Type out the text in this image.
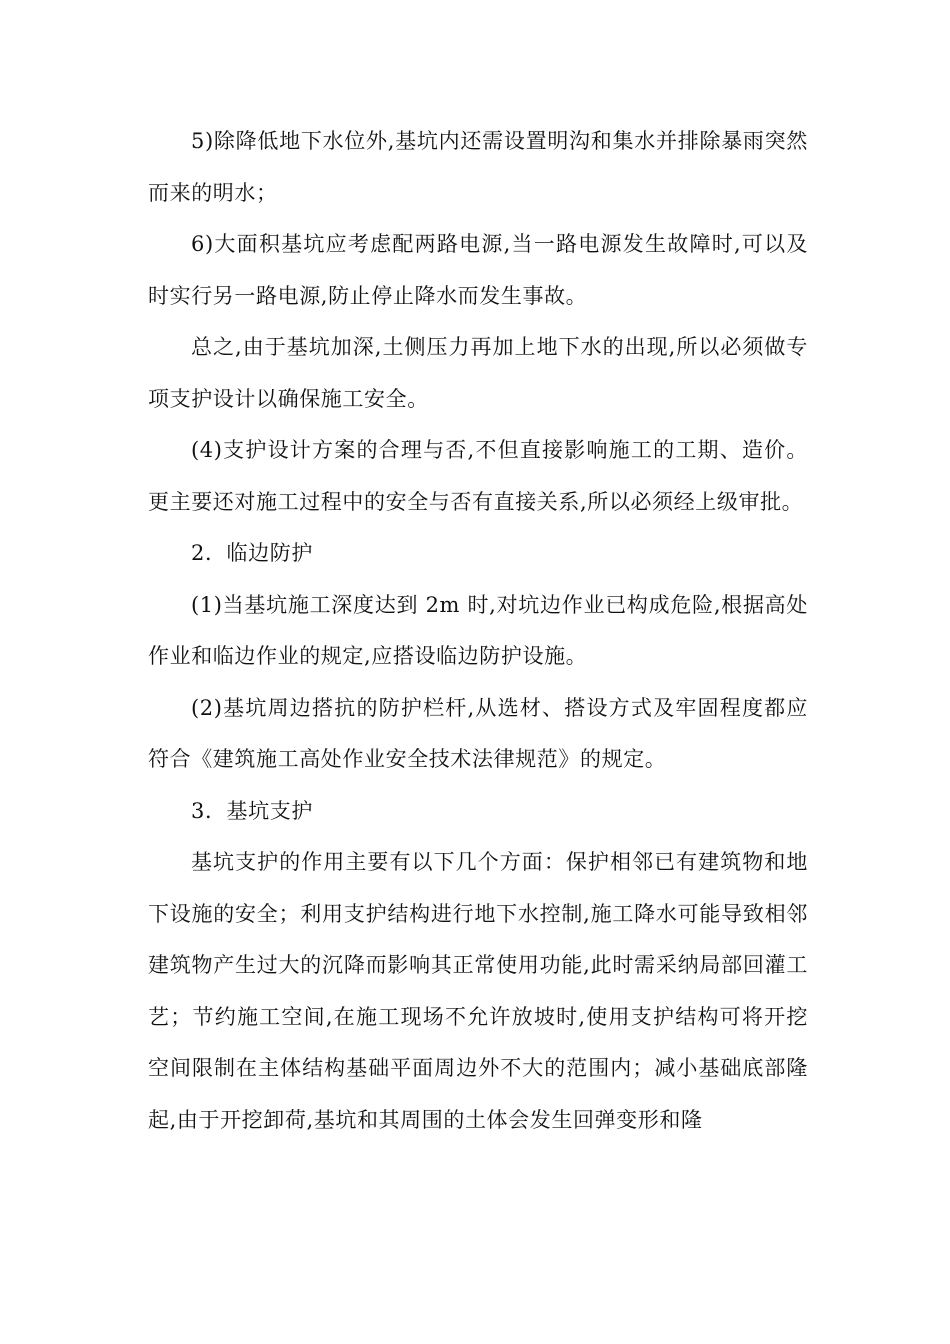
5)除降低地下水位外,基坑内还需设置明沟和集水并排除暴雨突然而来的明水；

6)大面积基坑应考虑配两路电源,当一路电源发生故障时,可以及时实行另一路电源,防止停止降水而发生事故。

总之,由于基坑加深,土侧压力再加上地下水的出现,所以必须做专项支护设计以确保施工安全。

(4)支护设计方案的合理与否,不但直接影响施工的工期、造价。更主要还对施工过程中的安全与否有直接关系,所以必须经上级审批。

2．临边防护

(1)当基坑施工深度达到 2m 时,对坑边作业已构成危险,根据高处作业和临边作业的规定,应搭设临边防护设施。

(2)基坑周边搭抗的防护栏杆,从选材、搭设方式及牢固程度都应符合《建筑施工高处作业安全技术法律规范》的规定。

3．基坑支护

基坑支护的作用主要有以下几个方面：保护相邻已有建筑物和地下设施的安全；利用支护结构进行地下水控制,施工降水可能导致相邻建筑物产生过大的沉降而影响其正常使用功能,此时需采纳局部回灌工艺；节约施工空间,在施工现场不允许放坡时,使用支护结构可将开挖空间限制在主体结构基础平面周边外不大的范围内；减小基础底部隆起,由于开挖卸荷,基坑和其周围的土体会发生回弹变形和隆
